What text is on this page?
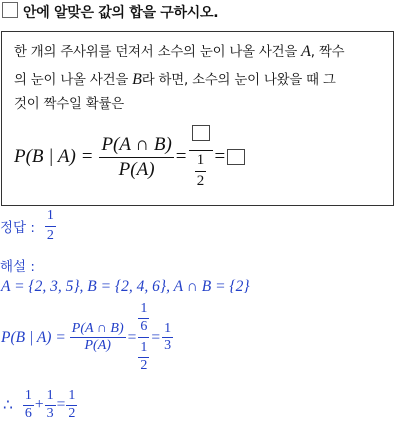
안에 알맞은 값의 합을 구하시오.
한 개의 주사위를 던져서 소수의 눈이 나올 사건을 A, 짝수
의 눈이 나올 사건을 B라 하면, 소수의 눈이 나왔을 때 그
것이 짝수일 확률은
P(B | $A) = \frac{P(A \cap B)}{P(A)} = \frac{1}{2}$ =
정답 : $\frac{1}{2}$
해설 :
A = {2, 3, 5}, B = {2, 4, 6}, A ∩ B = {2}
P(B | $A) = \frac{P(A \cap B)}{P(A)} = \frac{\frac{1}{6}}{\frac{1}{2}} = \frac{1}{3}$
∴ $\frac{1}{6} + \frac{1}{3} = \frac{1}{2}$
